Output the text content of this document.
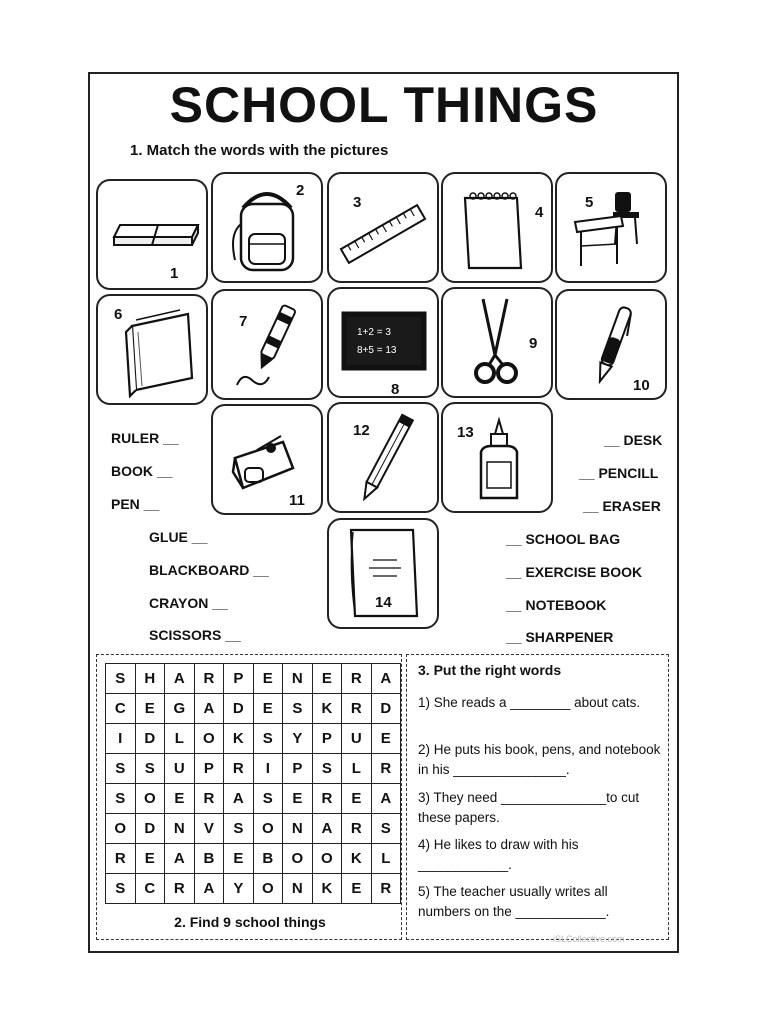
SCHOOL THINGS

1. Match the words with the pictures

1
2
3
4
5
6	7
1+2 = 3
8+5 = 13
8
9
10
11
12	13
14
RULER __
BOOK __
PEN __
GLUE __
BLACKBOARD __
CRAYON __
SCISSORS __
__ DESK
__ PENCILL
__ ERASER
__ SCHOOL BAG
__ EXERCISE BOOK
__ NOTEBOOK
__ SHARPENER
S	H	A	R	P	E	N	E	R	A
C	E	G	A	D	E	S	K	R	D
I	D	L	O	K	S	Y	P	U	E
S	S	U	P	R	I	P	S	L	R
S	O	E	R	A	S	E	R	E	A
O	D	N	V	S	O	N	A	R	S
R	E	A	B	E	B	O	O	K	L
S	C	R	A	Y	O	N	K	E	R
2. Find 9 school things
3. Put the right words
1) She reads a ________ about cats.
2) He puts his book, pens, and notebook in his _______________.
3) They need ______________to cut these papers.
4) He likes to draw with his ____________.
5) The teacher usually writes all numbers on the ____________.
iSLCollective.com
